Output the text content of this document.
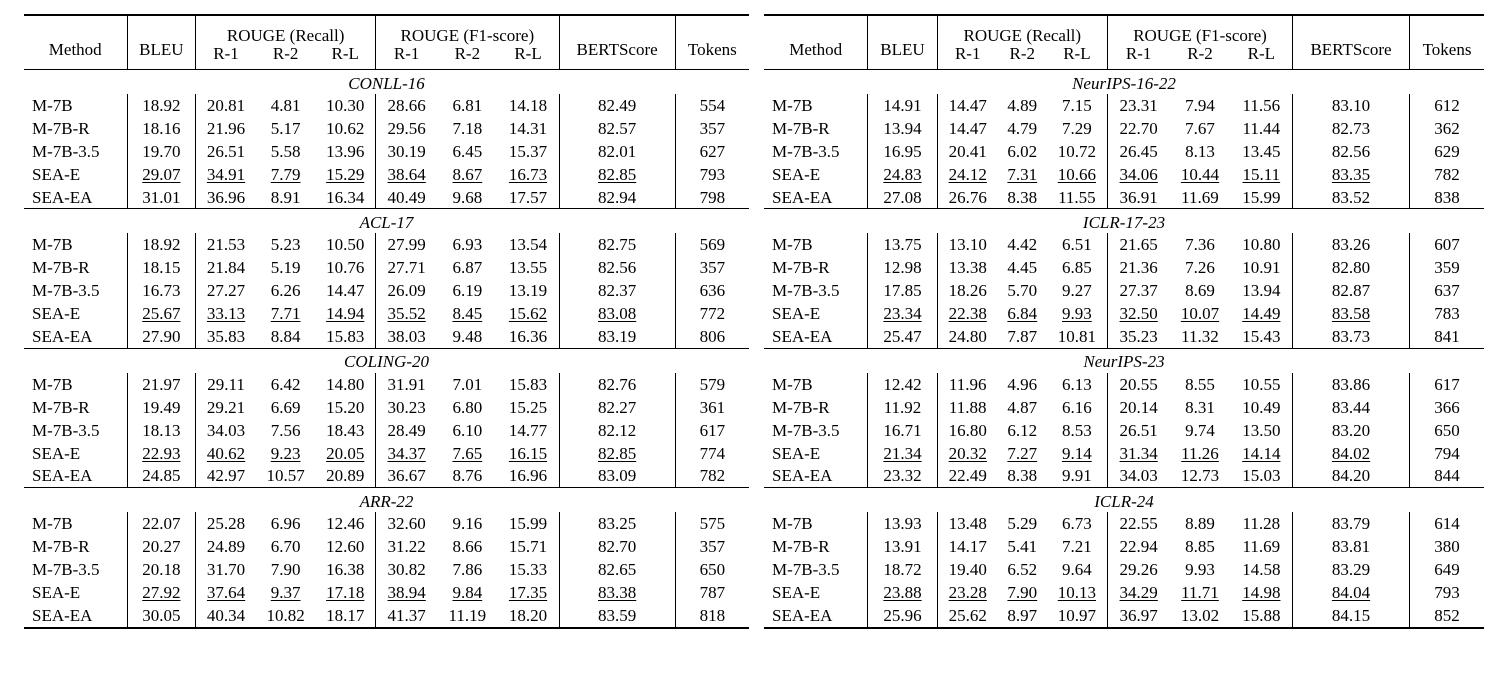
Method	BLEU	ROUGE (Recall)			ROUGE (F1-score)			BERTScore	Tokens
		R-1	R-2	R-L	R-1	R-2	R-L		
CONLL-16									
M-7B	18.92	20.81	4.81	10.30	28.66	6.81	14.18	82.49	554
M-7B-R	18.16	21.96	5.17	10.62	29.56	7.18	14.31	82.57	357
M-7B-3.5	19.70	26.51	5.58	13.96	30.19	6.45	15.37	82.01	627
SEA-E	29.07	34.91	7.79	15.29	38.64	8.67	16.73	82.85	793
SEA-EA	31.01	36.96	8.91	16.34	40.49	9.68	17.57	82.94	798
ACL-17									
M-7B	18.92	21.53	5.23	10.50	27.99	6.93	13.54	82.75	569
M-7B-R	18.15	21.84	5.19	10.76	27.71	6.87	13.55	82.56	357
M-7B-3.5	16.73	27.27	6.26	14.47	26.09	6.19	13.19	82.37	636
SEA-E	25.67	33.13	7.71	14.94	35.52	8.45	15.62	83.08	772
SEA-EA	27.90	35.83	8.84	15.83	38.03	9.48	16.36	83.19	806
COLING-20									
M-7B	21.97	29.11	6.42	14.80	31.91	7.01	15.83	82.76	579
M-7B-R	19.49	29.21	6.69	15.20	30.23	6.80	15.25	82.27	361
M-7B-3.5	18.13	34.03	7.56	18.43	28.49	6.10	14.77	82.12	617
SEA-E	22.93	40.62	9.23	20.05	34.37	7.65	16.15	82.85	774
SEA-EA	24.85	42.97	10.57	20.89	36.67	8.76	16.96	83.09	782
ARR-22									
M-7B	22.07	25.28	6.96	12.46	32.60	9.16	15.99	83.25	575
M-7B-R	20.27	24.89	6.70	12.60	31.22	8.66	15.71	82.70	357
M-7B-3.5	20.18	31.70	7.90	16.38	30.82	7.86	15.33	82.65	650
SEA-E	27.92	37.64	9.37	17.18	38.94	9.84	17.35	83.38	787
SEA-EA	30.05	40.34	10.82	18.17	41.37	11.19	18.20	83.59	818
Method	BLEU	ROUGE (Recall)			ROUGE (F1-score)			BERTScore	Tokens
		R-1	R-2	R-L	R-1	R-2	R-L		
NeurIPS-16-22									
M-7B	14.91	14.47	4.89	7.15	23.31	7.94	11.56	83.10	612
M-7B-R	13.94	14.47	4.79	7.29	22.70	7.67	11.44	82.73	362
M-7B-3.5	16.95	20.41	6.02	10.72	26.45	8.13	13.45	82.56	629
SEA-E	24.83	24.12	7.31	10.66	34.06	10.44	15.11	83.35	782
SEA-EA	27.08	26.76	8.38	11.55	36.91	11.69	15.99	83.52	838
ICLR-17-23									
M-7B	13.75	13.10	4.42	6.51	21.65	7.36	10.80	83.26	607
M-7B-R	12.98	13.38	4.45	6.85	21.36	7.26	10.91	82.80	359
M-7B-3.5	17.85	18.26	5.70	9.27	27.37	8.69	13.94	82.87	637
SEA-E	23.34	22.38	6.84	9.93	32.50	10.07	14.49	83.58	783
SEA-EA	25.47	24.80	7.87	10.81	35.23	11.32	15.43	83.73	841
NeurIPS-23									
M-7B	12.42	11.96	4.96	6.13	20.55	8.55	10.55	83.86	617
M-7B-R	11.92	11.88	4.87	6.16	20.14	8.31	10.49	83.44	366
M-7B-3.5	16.71	16.80	6.12	8.53	26.51	9.74	13.50	83.20	650
SEA-E	21.34	20.32	7.27	9.14	31.34	11.26	14.14	84.02	794
SEA-EA	23.32	22.49	8.38	9.91	34.03	12.73	15.03	84.20	844
ICLR-24									
M-7B	13.93	13.48	5.29	6.73	22.55	8.89	11.28	83.79	614
M-7B-R	13.91	14.17	5.41	7.21	22.94	8.85	11.69	83.81	380
M-7B-3.5	18.72	19.40	6.52	9.64	29.26	9.93	14.58	83.29	649
SEA-E	23.88	23.28	7.90	10.13	34.29	11.71	14.98	84.04	793
SEA-EA	25.96	25.62	8.97	10.97	36.97	13.02	15.88	84.15	852
